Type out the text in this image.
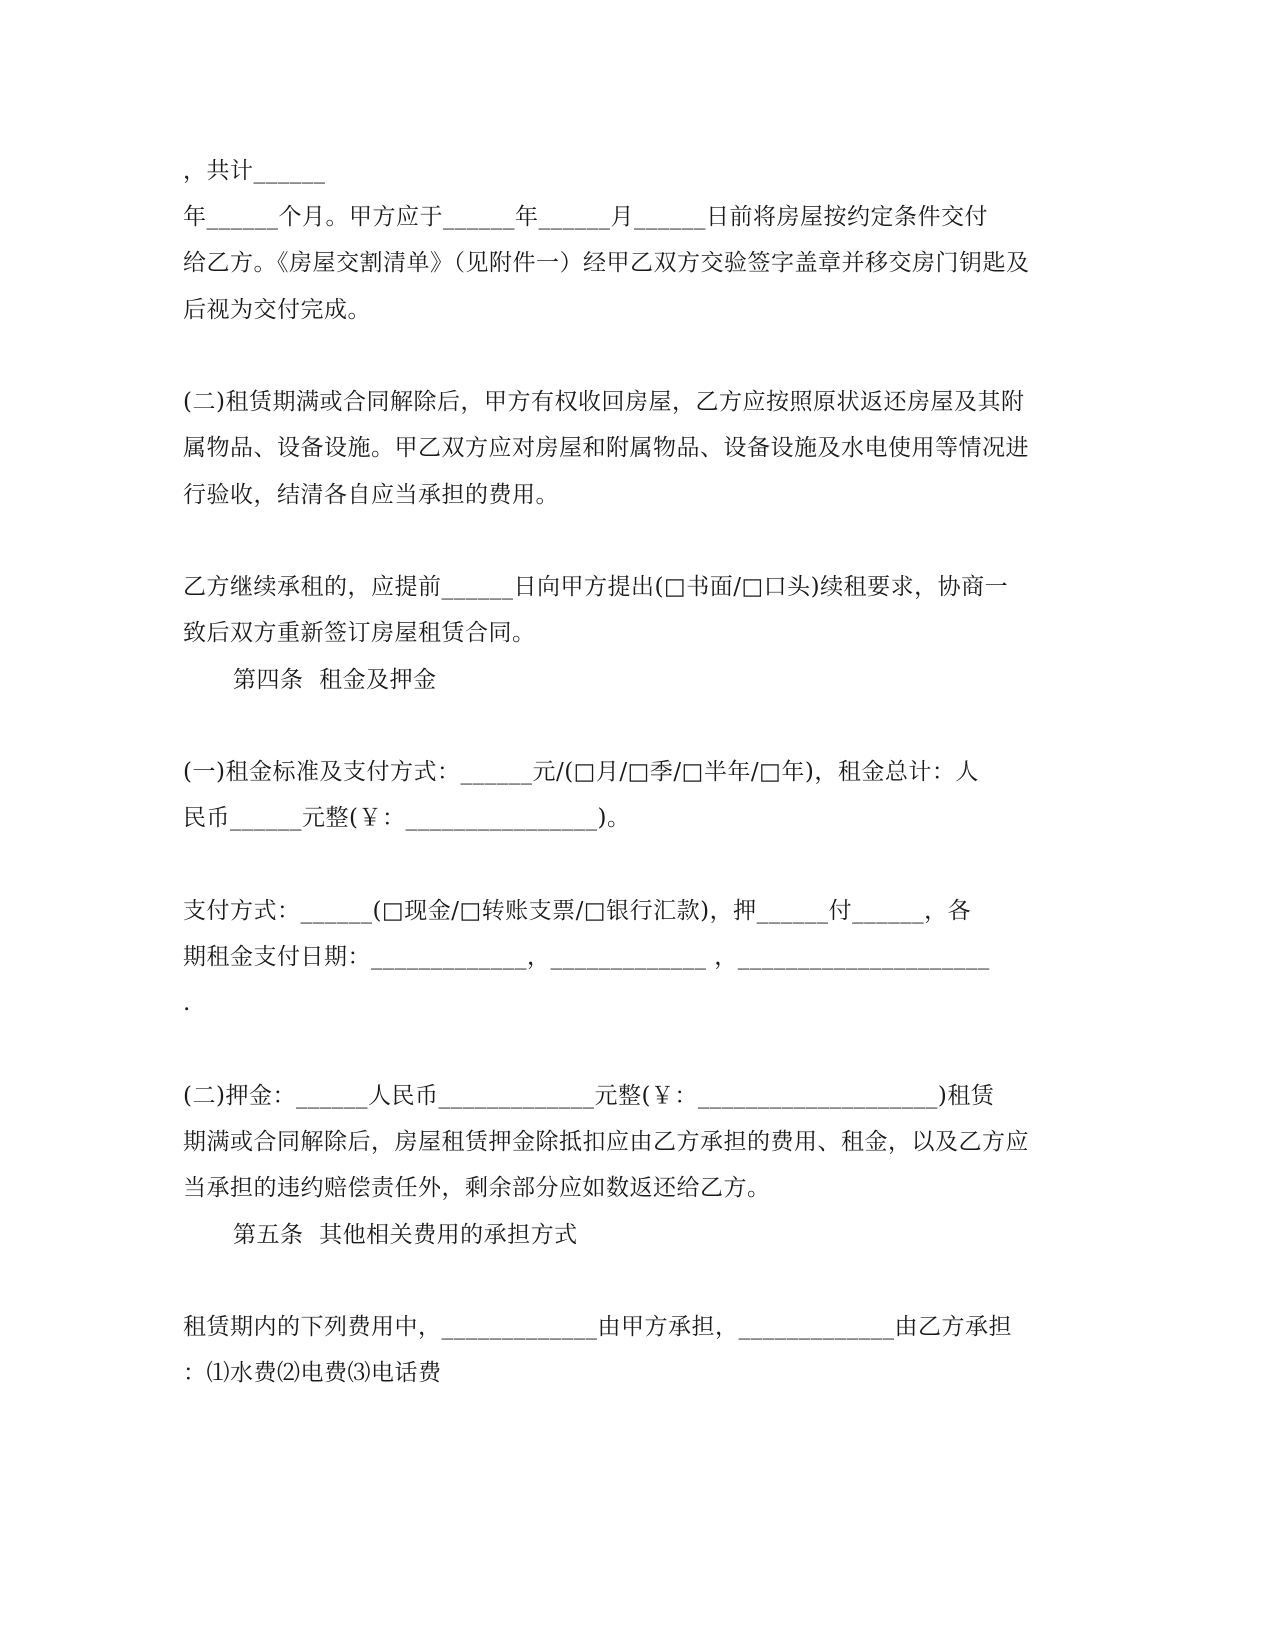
，共计______
年______个月。甲方应于______年______月______日前将房屋按约定条件交付
给乙方。《房屋交割清单》（见附件一）经甲乙双方交验签字盖章并移交房门钥匙及
后视为交付完成。
(二)租赁期满或合同解除后，甲方有权收回房屋，乙方应按照原状返还房屋及其附
属物品、设备设施。甲乙双方应对房屋和附属物品、设备设施及水电使用等情况进
行验收，结清各自应当承担的费用。
乙方继续承租的，应提前______日向甲方提出(□书面/□口头)续租要求，协商一
致后双方重新签订房屋租赁合同。
第四条  租金及押金
(一)租金标准及支付方式：______元/(□月/□季/□半年/□年)，租金总计：人
民币______元整(￥：________________)。
支付方式：______(□现金/□转账支票/□银行汇款)，押______付______，各
期租金支付日期：_____________，_____________ ，_____________________
.
(二)押金：______人民币_____________元整(￥：____________________)租赁
期满或合同解除后，房屋租赁押金除抵扣应由乙方承担的费用、租金，以及乙方应
当承担的违约赔偿责任外，剩余部分应如数返还给乙方。
第五条  其他相关费用的承担方式
租赁期内的下列费用中，_____________由甲方承担，_____________由乙方承担
：⑴水费⑵电费⑶电话费
